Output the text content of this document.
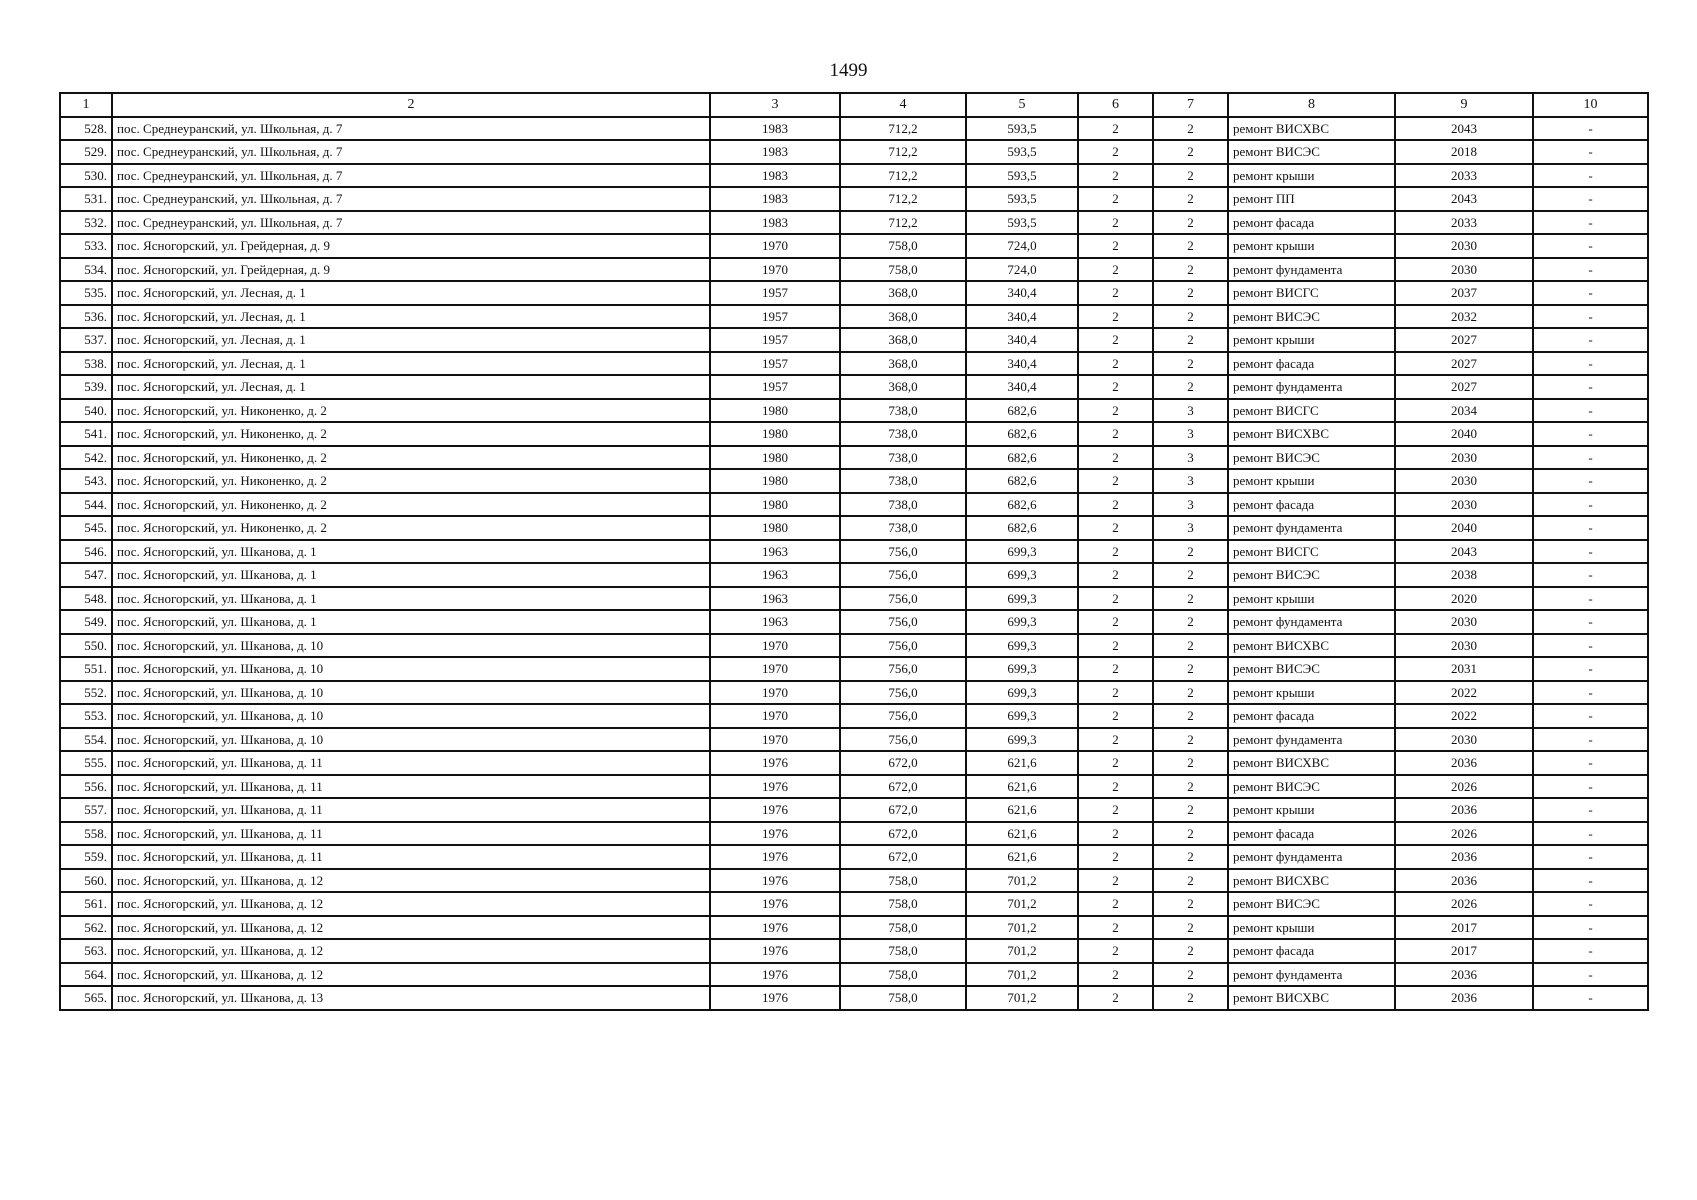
1499
1	2	3	4	5	6	7	8	9	10
528.	пос. Среднеуранский, ул. Школьная, д. 7	1983	712,2	593,5	2	2	ремонт ВИСХВС	2043	-
529.	пос. Среднеуранский, ул. Школьная, д. 7	1983	712,2	593,5	2	2	ремонт ВИСЭС	2018	-
530.	пос. Среднеуранский, ул. Школьная, д. 7	1983	712,2	593,5	2	2	ремонт крыши	2033	-
531.	пос. Среднеуранский, ул. Школьная, д. 7	1983	712,2	593,5	2	2	ремонт ПП	2043	-
532.	пос. Среднеуранский, ул. Школьная, д. 7	1983	712,2	593,5	2	2	ремонт фасада	2033	-
533.	пос. Ясногорский, ул. Грейдерная, д. 9	1970	758,0	724,0	2	2	ремонт крыши	2030	-
534.	пос. Ясногорский, ул. Грейдерная, д. 9	1970	758,0	724,0	2	2	ремонт фундамента	2030	-
535.	пос. Ясногорский, ул. Лесная, д. 1	1957	368,0	340,4	2	2	ремонт ВИСГС	2037	-
536.	пос. Ясногорский, ул. Лесная, д. 1	1957	368,0	340,4	2	2	ремонт ВИСЭС	2032	-
537.	пос. Ясногорский, ул. Лесная, д. 1	1957	368,0	340,4	2	2	ремонт крыши	2027	-
538.	пос. Ясногорский, ул. Лесная, д. 1	1957	368,0	340,4	2	2	ремонт фасада	2027	-
539.	пос. Ясногорский, ул. Лесная, д. 1	1957	368,0	340,4	2	2	ремонт фундамента	2027	-
540.	пос. Ясногорский, ул. Никоненко, д. 2	1980	738,0	682,6	2	3	ремонт ВИСГС	2034	-
541.	пос. Ясногорский, ул. Никоненко, д. 2	1980	738,0	682,6	2	3	ремонт ВИСХВС	2040	-
542.	пос. Ясногорский, ул. Никоненко, д. 2	1980	738,0	682,6	2	3	ремонт ВИСЭС	2030	-
543.	пос. Ясногорский, ул. Никоненко, д. 2	1980	738,0	682,6	2	3	ремонт крыши	2030	-
544.	пос. Ясногорский, ул. Никоненко, д. 2	1980	738,0	682,6	2	3	ремонт фасада	2030	-
545.	пос. Ясногорский, ул. Никоненко, д. 2	1980	738,0	682,6	2	3	ремонт фундамента	2040	-
546.	пос. Ясногорский, ул. Шканова, д. 1	1963	756,0	699,3	2	2	ремонт ВИСГС	2043	-
547.	пос. Ясногорский, ул. Шканова, д. 1	1963	756,0	699,3	2	2	ремонт ВИСЭС	2038	-
548.	пос. Ясногорский, ул. Шканова, д. 1	1963	756,0	699,3	2	2	ремонт крыши	2020	-
549.	пос. Ясногорский, ул. Шканова, д. 1	1963	756,0	699,3	2	2	ремонт фундамента	2030	-
550.	пос. Ясногорский, ул. Шканова, д. 10	1970	756,0	699,3	2	2	ремонт ВИСХВС	2030	-
551.	пос. Ясногорский, ул. Шканова, д. 10	1970	756,0	699,3	2	2	ремонт ВИСЭС	2031	-
552.	пос. Ясногорский, ул. Шканова, д. 10	1970	756,0	699,3	2	2	ремонт крыши	2022	-
553.	пос. Ясногорский, ул. Шканова, д. 10	1970	756,0	699,3	2	2	ремонт фасада	2022	-
554.	пос. Ясногорский, ул. Шканова, д. 10	1970	756,0	699,3	2	2	ремонт фундамента	2030	-
555.	пос. Ясногорский, ул. Шканова, д. 11	1976	672,0	621,6	2	2	ремонт ВИСХВС	2036	-
556.	пос. Ясногорский, ул. Шканова, д. 11	1976	672,0	621,6	2	2	ремонт ВИСЭС	2026	-
557.	пос. Ясногорский, ул. Шканова, д. 11	1976	672,0	621,6	2	2	ремонт крыши	2036	-
558.	пос. Ясногорский, ул. Шканова, д. 11	1976	672,0	621,6	2	2	ремонт фасада	2026	-
559.	пос. Ясногорский, ул. Шканова, д. 11	1976	672,0	621,6	2	2	ремонт фундамента	2036	-
560.	пос. Ясногорский, ул. Шканова, д. 12	1976	758,0	701,2	2	2	ремонт ВИСХВС	2036	-
561.	пос. Ясногорский, ул. Шканова, д. 12	1976	758,0	701,2	2	2	ремонт ВИСЭС	2026	-
562.	пос. Ясногорский, ул. Шканова, д. 12	1976	758,0	701,2	2	2	ремонт крыши	2017	-
563.	пос. Ясногорский, ул. Шканова, д. 12	1976	758,0	701,2	2	2	ремонт фасада	2017	-
564.	пос. Ясногорский, ул. Шканова, д. 12	1976	758,0	701,2	2	2	ремонт фундамента	2036	-
565.	пос. Ясногорский, ул. Шканова, д. 13	1976	758,0	701,2	2	2	ремонт ВИСХВС	2036	-
